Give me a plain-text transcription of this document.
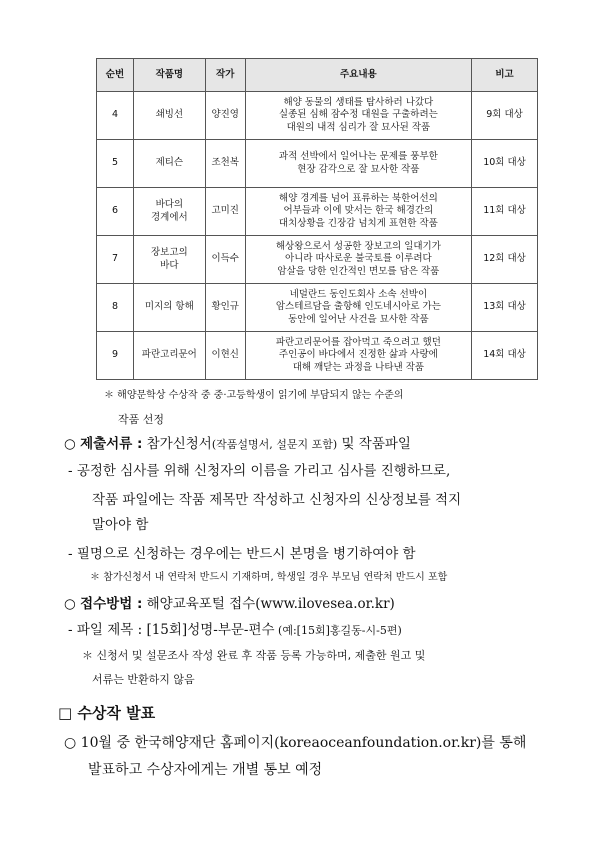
순번	작품명	작가	주요내용	비고
4	쇄빙선	양진영	해양 동물의 생태를 탐사하러 나갔다
실종된 심해 잠수정 대원을 구출하려는
대원의 내적 심리가 잘 묘사된 작품	9회 대상
5	제티슨	조천복	과적 선박에서 일어나는 문제를 풍부한
현장 감각으로 잘 묘사한 작품	10회 대상
6	바다의
경계에서	고미진	해양 경계를 넘어 표류하는 북한어선의
어부들과 이에 맞서는 한국 해경간의
대치상황을 긴장감 넘치게 표현한 작품	11회 대상
7	장보고의
바다	이득수	해상왕으로서 성공한 장보고의 일대기가
아니라 따사로운 불국토를 이루려다
암살을 당한 인간적인 면모를 담은 작품	12회 대상
8	미지의 항해	황인규	네덜란드 동인도회사 소속 선박이
암스테르담을 출항해 인도네시아로 가는
동안에 일어난 사건을 묘사한 작품	13회 대상
9	파란고리문어	이현신	파란고리문어를 잡아먹고 죽으려고 했던
주인공이 바다에서 진정한 삶과 사랑에
대해 깨닫는 과정을 나타낸 작품	14회 대상
＊ 해양문학상 수상작 중 중·고등학생이 읽기에 부담되지 않는 수준의
작품 선정
○ 제출서류 : 참가신청서(작품설명서, 설문지 포함) 및 작품파일
- 공정한 심사를 위해 신청자의 이름을 가리고 심사를 진행하므로,
작품 파일에는 작품 제목만 작성하고 신청자의 신상정보를 적지
말아야 함
- 필명으로 신청하는 경우에는 반드시 본명을 병기하여야 함
＊ 참가신청서 내 연락처 반드시 기재하며, 학생일 경우 부모님 연락처 반드시 포함
○ 접수방법 : 해양교육포털 접수(www.ilovesea.or.kr)
- 파일 제목 : [15회]성명-부문-편수 (예:[15회]홍길동-시-5편)
＊ 신청서 및 설문조사 작성 완료 후 작품 등록 가능하며, 제출한 원고 및
서류는 반환하지 않음
□ 수상작 발표
○ 10월 중 한국해양재단 홈페이지(koreaoceanfoundation.or.kr)를 통해
발표하고 수상자에게는 개별 통보 예정
